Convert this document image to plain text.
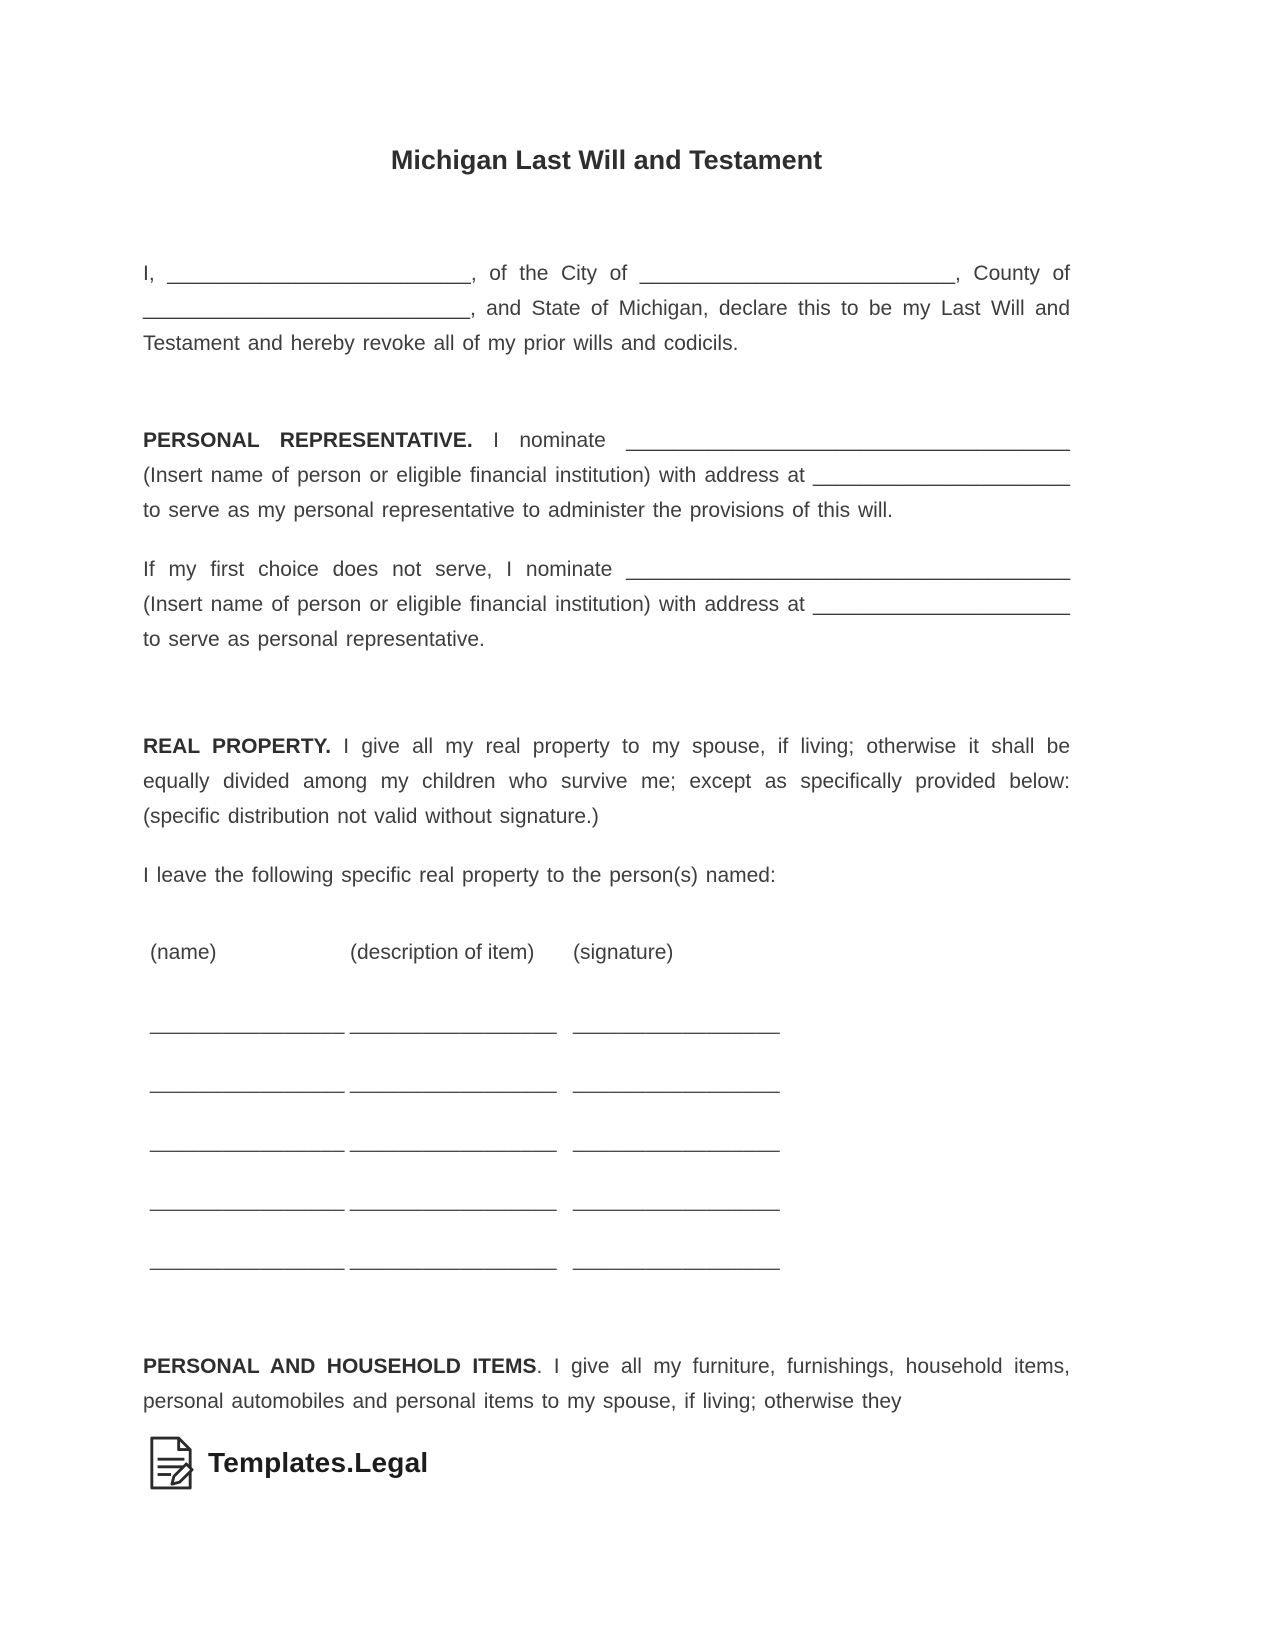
Michigan Last Will and Testament

I, __________________________, of the City of ___________________________, County of ____________________________, and State of Michigan, declare this to be my Last Will and Testament and hereby revoke all of my prior wills and codicils.

PERSONAL REPRESENTATIVE. I nominate ______________________________________ (Insert name of person or eligible financial institution) with address at ______________________ to serve as my personal representative to administer the provisions of this will.

If my first choice does not serve, I nominate ______________________________________ (Insert name of person or eligible financial institution) with address at ______________________ to serve as personal representative.

REAL PROPERTY. I give all my real property to my spouse, if living; otherwise it shall be equally divided among my children who survive me; except as specifically provided below: (specific distribution not valid without signature.)

I leave the following specific real property to the person(s) named:

(name)	(description of item)	(signature)
________________ _________________ _________________
________________ _________________ _________________
________________ _________________ _________________
________________ _________________ _________________
________________ _________________ _________________

PERSONAL AND HOUSEHOLD ITEMS. I give all my furniture, furnishings, household items, personal automobiles and personal items to my spouse, if living; otherwise they

Templates.Legal
